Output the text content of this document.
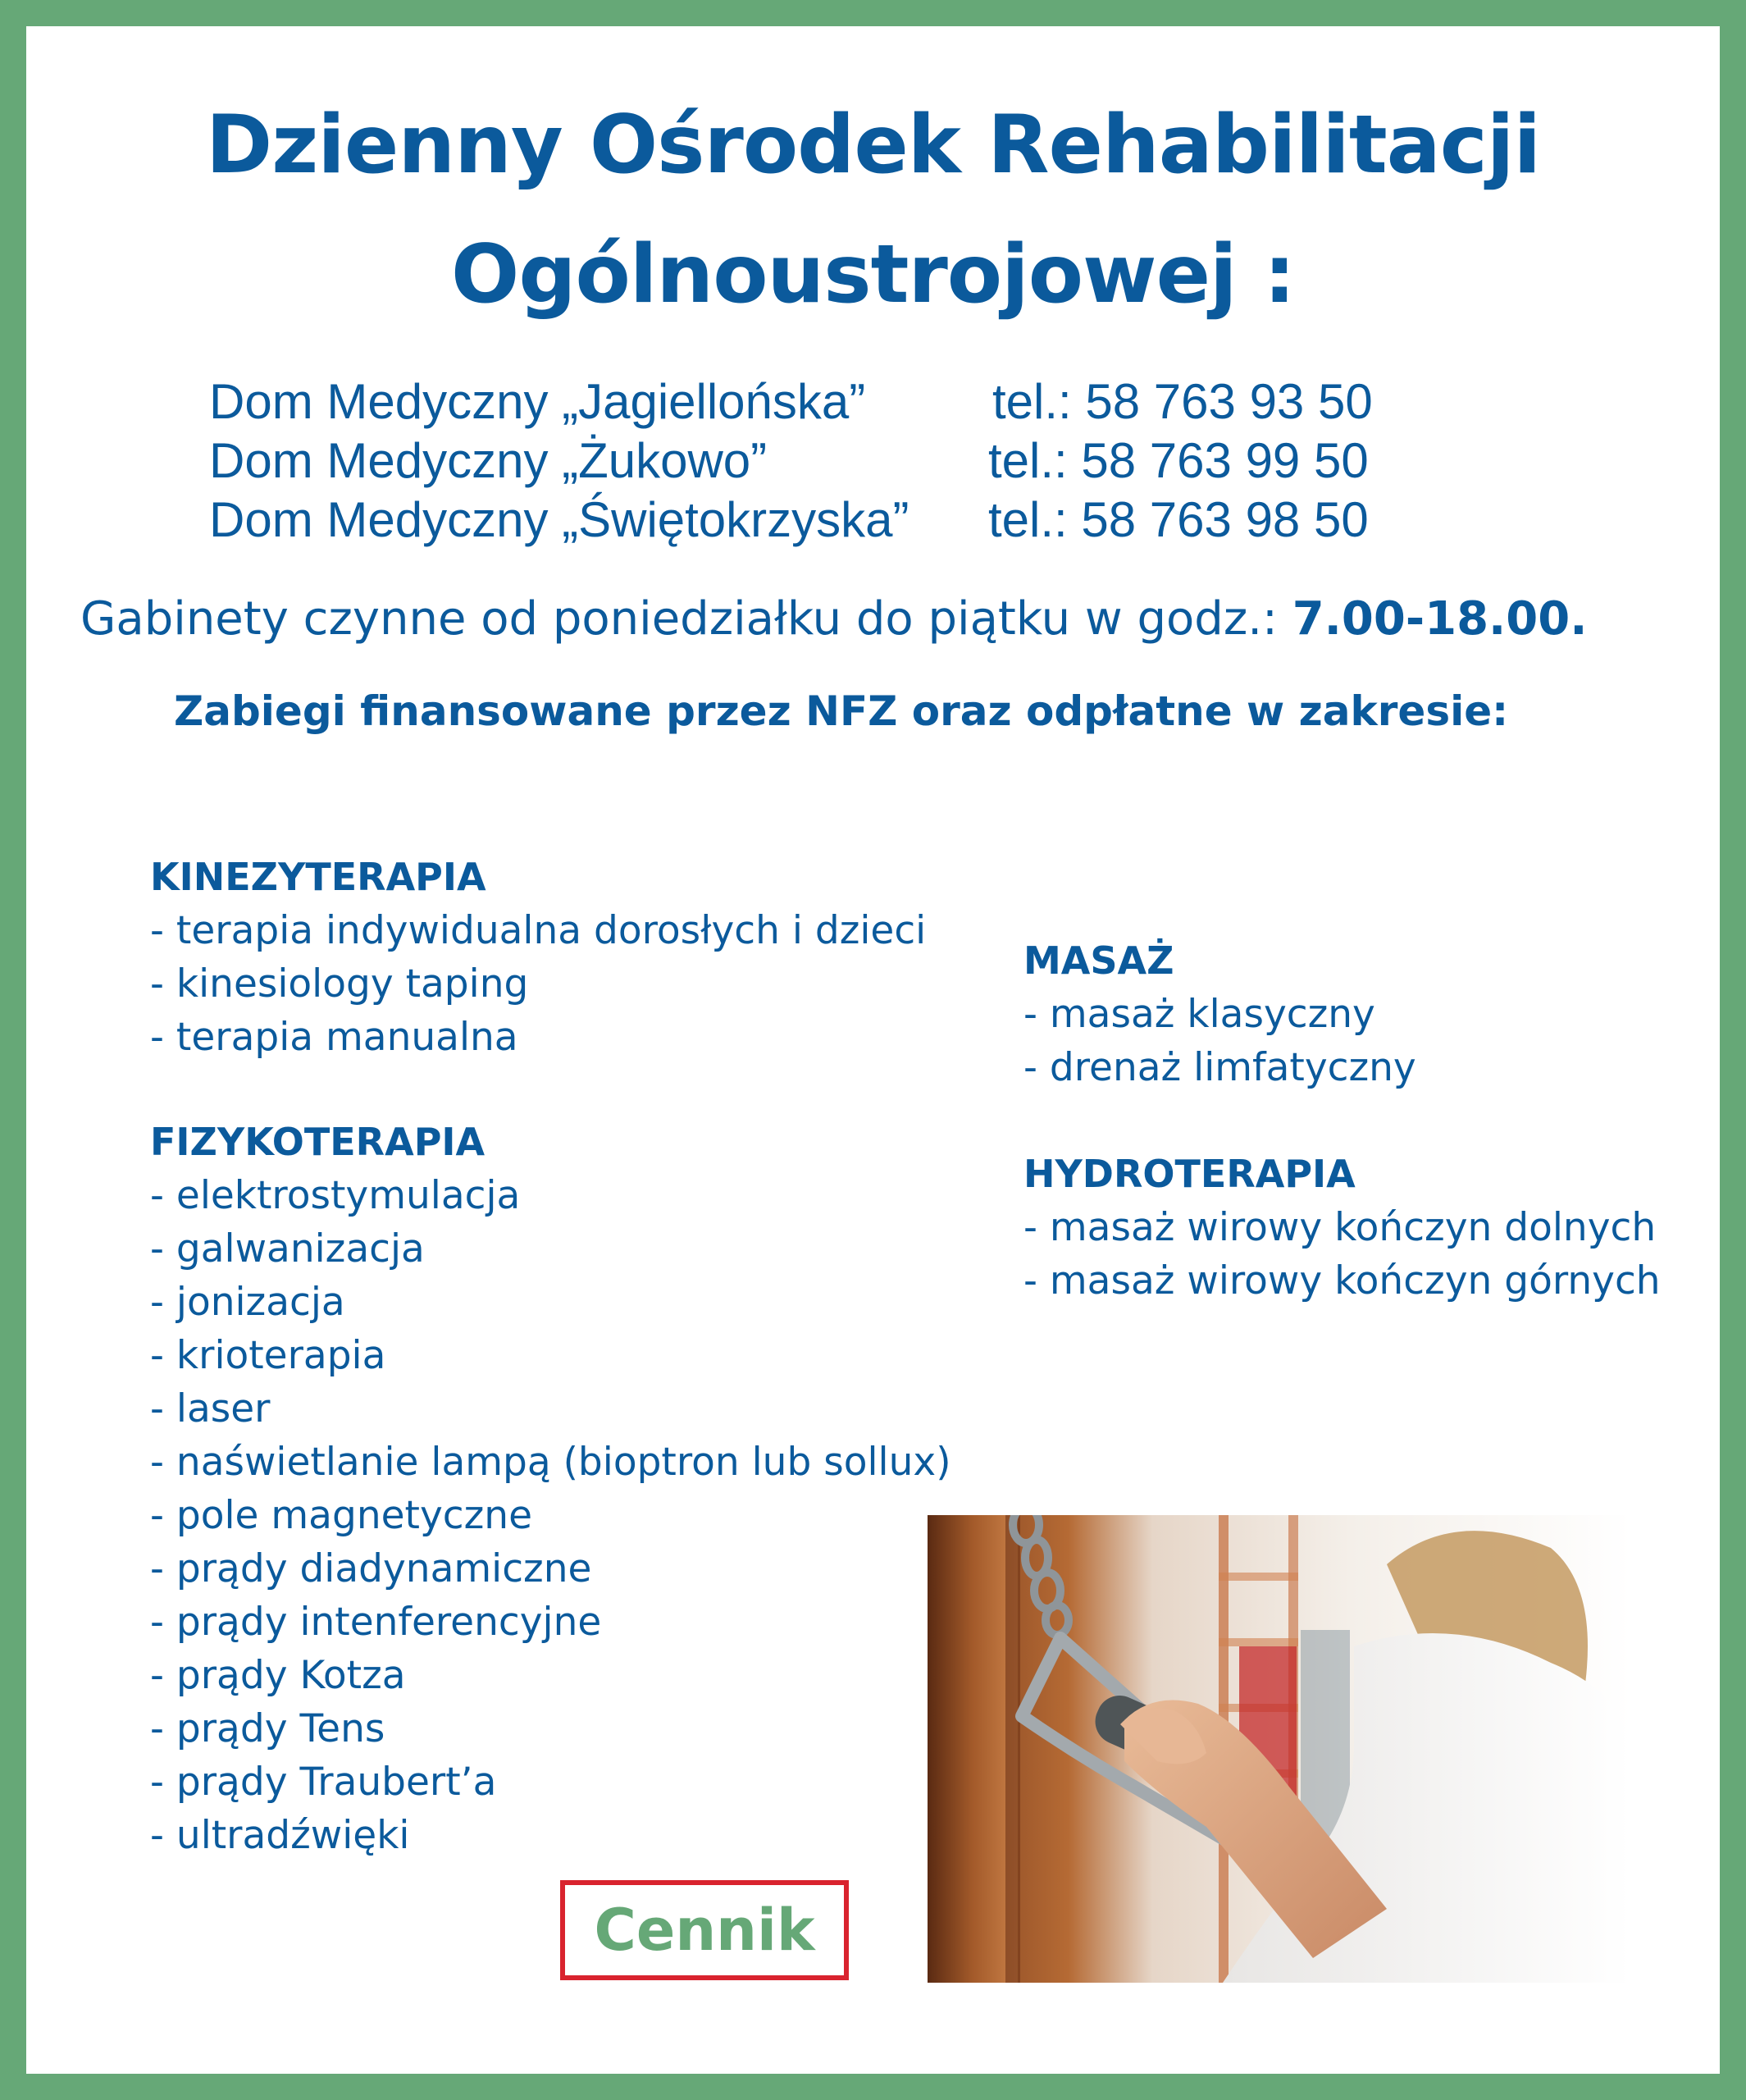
Dzienny Ośrodek Rehabilitacji
Ogólnoustrojowej :
Dom Medyczny „Jagiellońska”	tel.: 58 763 93 50
Dom Medyczny „Żukowo”	tel.: 58 763 99 50
Dom Medyczny „Świętokrzyska” tel.: 58 763 98 50
Gabinety czynne od poniedziałku do piątku w godz.: 7.00-18.00.
Zabiegi finansowane przez NFZ oraz odpłatne w zakresie:
KINEZYTERAPIA
- terapia indywidualna dorosłych i dzieci
- kinesiology taping
- terapia manualna
FIZYKOTERAPIA
- elektrostymulacja
- galwanizacja
- jonizacja
- krioterapia
- laser
- naświetlanie lampą (bioptron lub sollux)
- pole magnetyczne
- prądy diadynamiczne
- prądy intenferencyjne
- prądy Kotza
- prądy Tens
- prądy Traubert’a
- ultradźwięki
MASAŻ
- masaż klasyczny
- drenaż limfatyczny
HYDROTERAPIA
- masaż wirowy kończyn dolnych
- masaż wirowy kończyn górnych
Cennik
